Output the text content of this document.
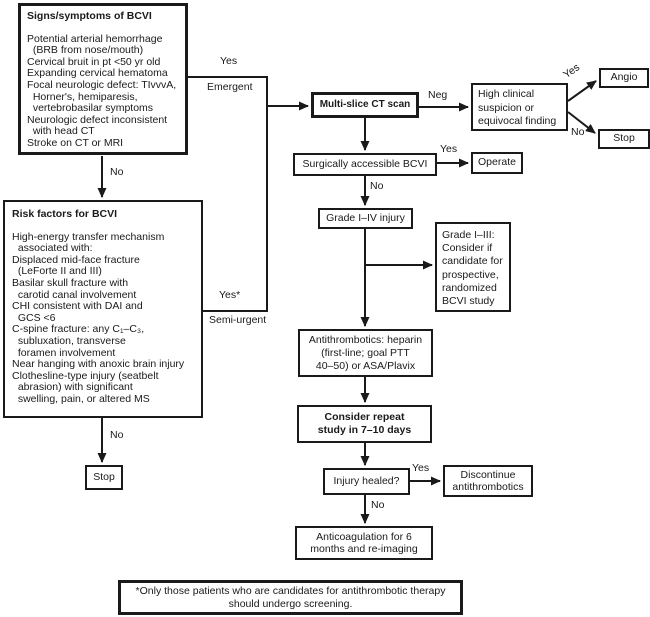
Signs/symptoms of BCVI
Potential arterial hemorrhage
(BRB from nose/mouth)
Cervical bruit in pt <50 yr old
Expanding cervical hematoma
Focal neurologic defect: TIvvvA,
Horner's, hemiparesis,
vertebrobasilar symptoms
Neurologic defect inconsistent
with head CT
Stroke on CT or MRI
Risk factors for BCVI
High-energy transfer mechanism
associated with:
Displaced mid-face fracture
(LeForte II and III)
Basilar skull fracture with
carotid canal involvement
CHI consistent with DAI and
GCS <6
C-spine fracture: any C₁–C₃,
subluxation, transverse
foramen involvement
Near hanging with anoxic brain injury
Clothesline-type injury (seatbelt
abrasion) with significant
swelling, pain, or altered MS
Stop
Multi-slice CT scan
Surgically accessible BCVI	Operate
High clinical
suspicion or
equivocal finding
Angio
Stop
Grade I–IV injury
Grade I–III:
Consider if
candidate for
prospective,
randomized
BCVI study
Antithrombotics: heparin
(first-line; goal PTT
40–50) or ASA/Plavix
Consider repeat
study in 7–10 days
Injury healed?
Discontinue
antithrombotics
Anticoagulation for 6
months and re-imaging
*Only those patients who are candidates for antithrombotic therapy
should undergo screening.
Yes
Emergent
Yes*
Semi-urgent
No
No
Neg
Yes
No
Yes
No
Yes
No
